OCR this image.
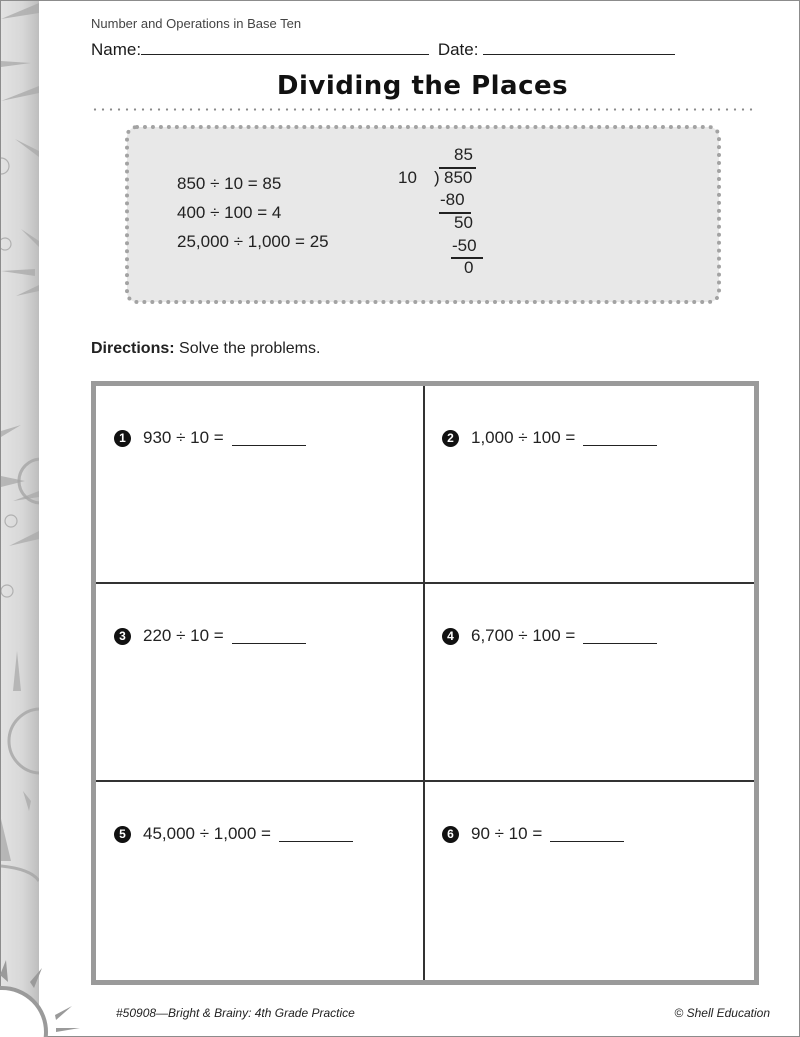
Number and Operations in Base Ten
Name:	Date:
Dividing the Places
850 ÷ 10 = 85
400 ÷ 100 = 4
25,000 ÷ 1,000 = 25
85
10 ) 850
-80
50
-50
0
Directions: Solve the problems.
1	930 ÷ 10 =	2	1,000 ÷ 100 =
3	220 ÷ 10 =	4	6,700 ÷ 100 =
5	45,000 ÷ 1,000 =	6	90 ÷ 10 =
#50908—Bright & Brainy: 4th Grade Practice	© Shell Education
